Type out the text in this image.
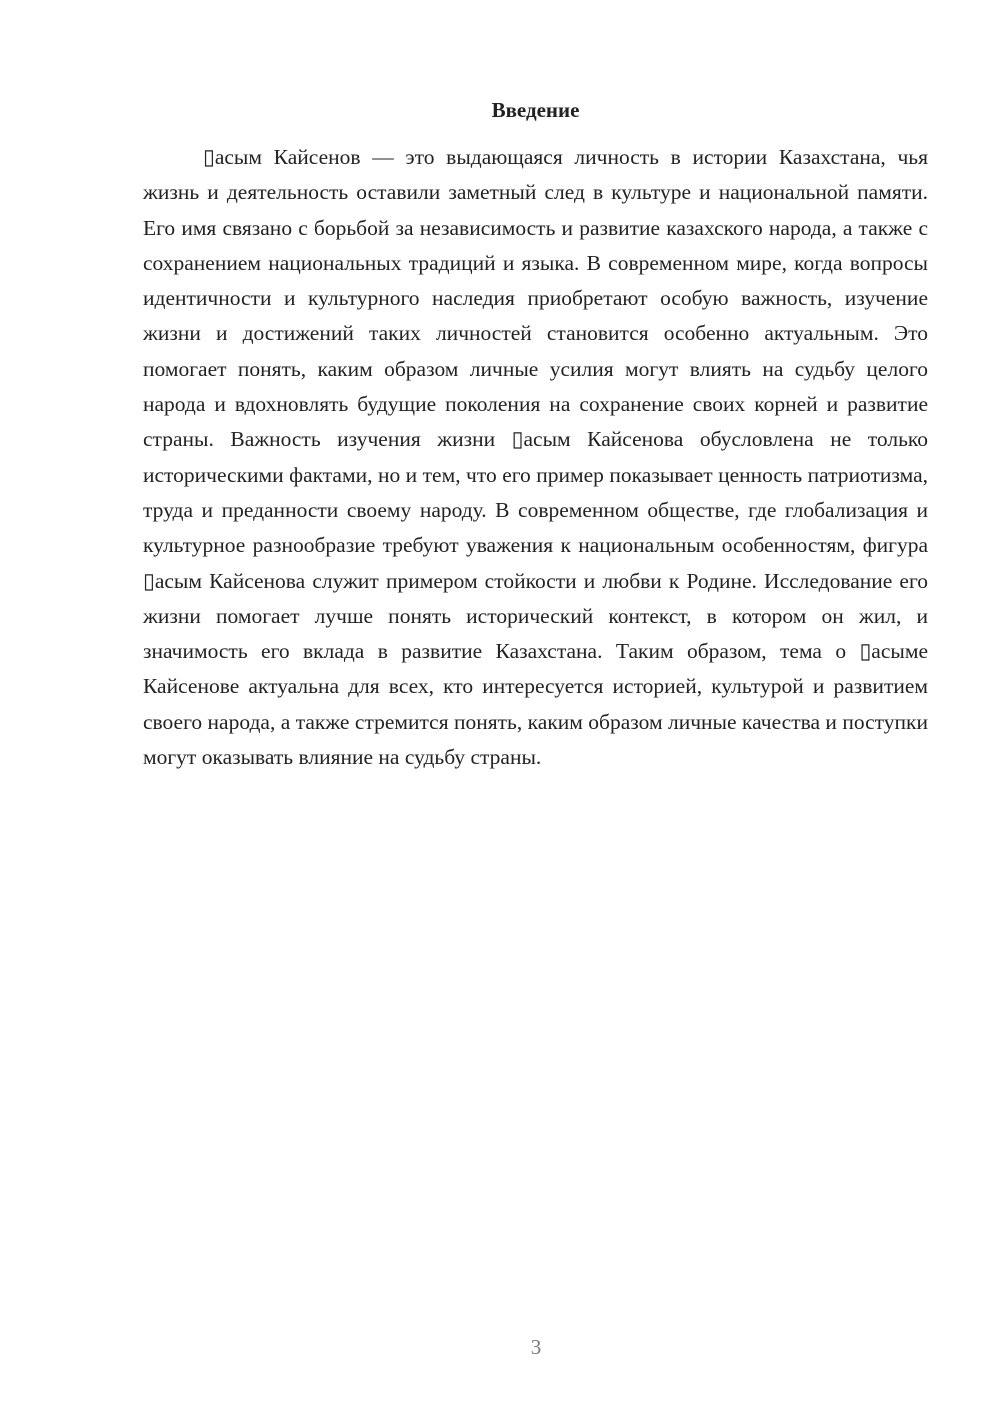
Введение

▯асым Кайсенов — это выдающаяся личность в истории Казахстана, чья жизнь и деятельность оставили заметный след в культуре и национальной памяти. Его имя связано с борьбой за независимость и развитие казахского народа, а также с сохранением национальных традиций и языка. В современном мире, когда вопросы идентичности и культурного наследия приобретают особую важность, изучение жизни и достижений таких личностей становится особенно актуальным. Это помогает понять, каким образом личные усилия могут влиять на судьбу целого народа и вдохновлять будущие поколения на сохранение своих корней и развитие страны. Важность изучения жизни ▯асым Кайсенова обусловлена не только историческими фактами, но и тем, что его пример показывает ценность патриотизма, труда и преданности своему народу. В современном обществе, где глобализация и культурное разнообразие требуют уважения к национальным особенностям, фигура ▯асым Кайсенова служит примером стойкости и любви к Родине. Исследование его жизни помогает лучше понять исторический контекст, в котором он жил, и значимость его вклада в развитие Казахстана. Таким образом, тема о ▯асыме Кайсенове актуальна для всех, кто интересуется историей, культурой и развитием своего народа, а также стремится понять, каким образом личные качества и поступки могут оказывать влияние на судьбу страны.

3
